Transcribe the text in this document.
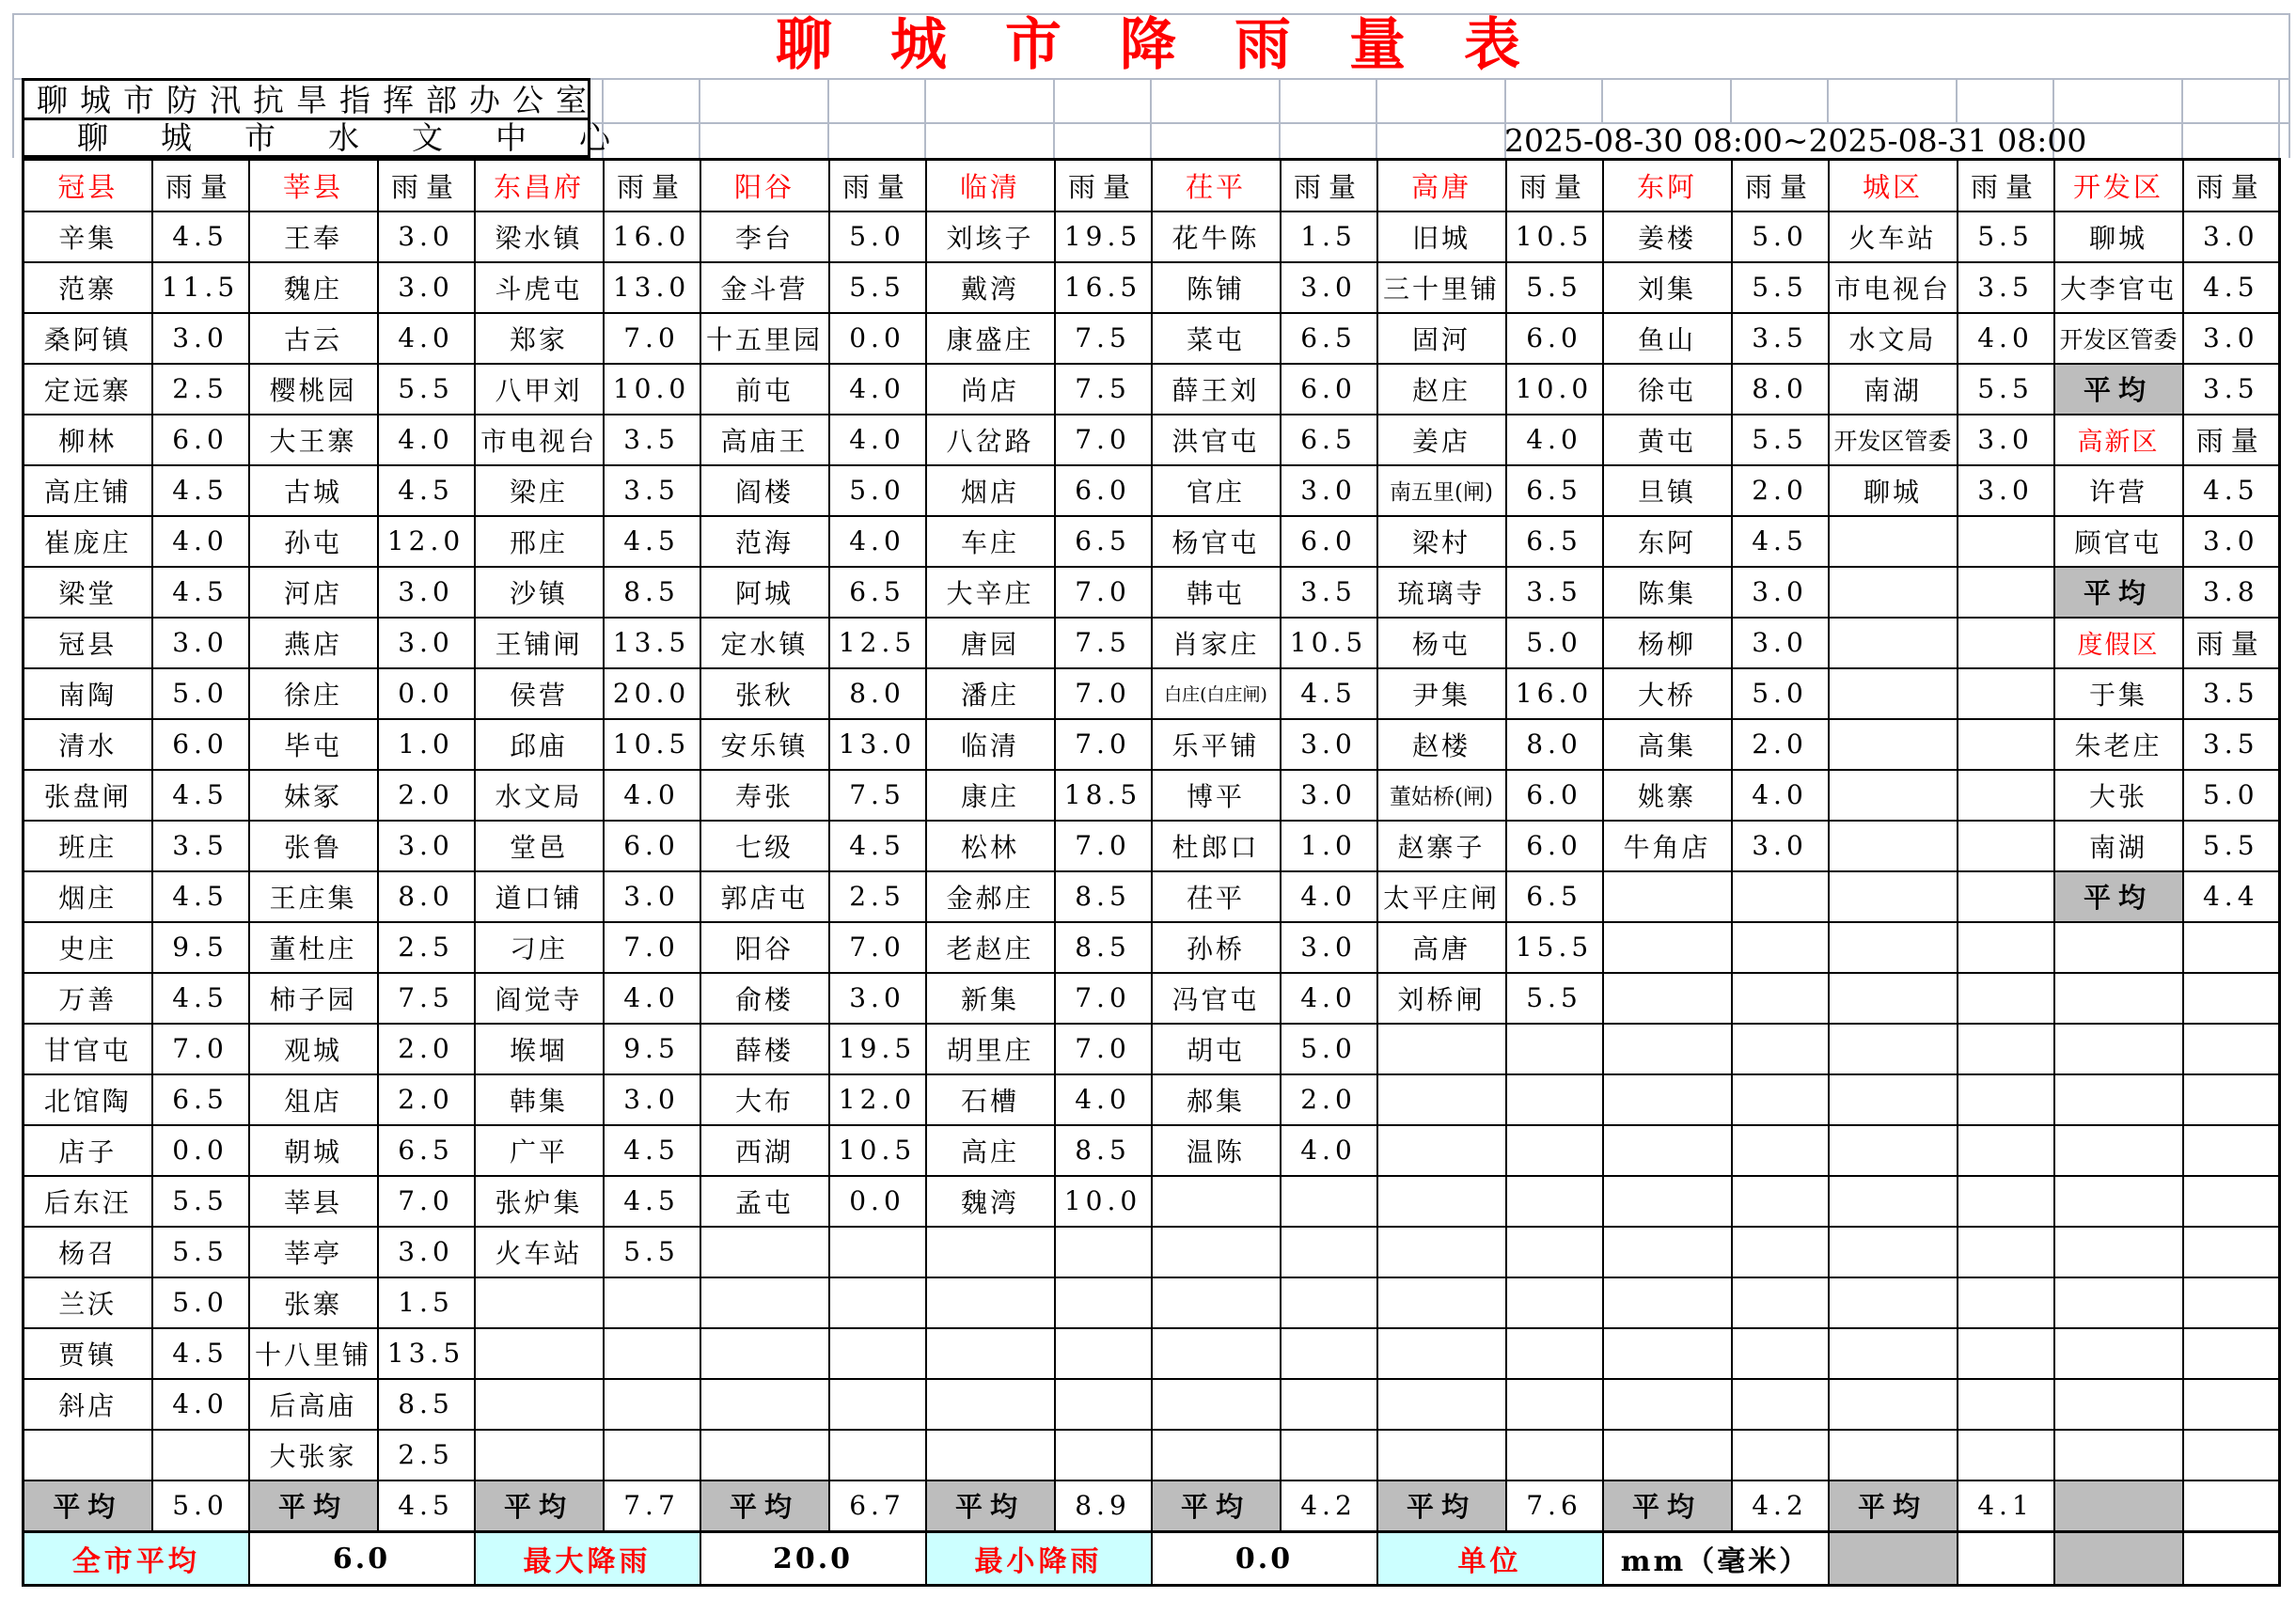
聊城市降雨量表
聊城市防汛抗旱指挥部办公室
聊城市水文中心	2025-08-30 08:00~2025-08-31 08:00
冠县	雨量	莘县	雨量	东昌府	雨量	阳谷	雨量	临清	雨量	茌平	雨量	高唐	雨量	东阿	雨量	城区	雨量	开发区	雨量
辛集	4.5	王奉	3.0	梁水镇	16.0	李台	5.0	刘垓子	19.5	花牛陈	1.5	旧城	10.5	姜楼	5.0	火车站	5.5	聊城	3.0
范寨	11.5	魏庄	3.0	斗虎屯	13.0	金斗营	5.5	戴湾	16.5	陈铺	3.0	三十里铺	5.5	刘集	5.5	市电视台	3.5	大李官屯	4.5
桑阿镇	3.0	古云	4.0	郑家	7.0	十五里园	0.0	康盛庄	7.5	菜屯	6.5	固河	6.0	鱼山	3.5	水文局	4.0	开发区管委	3.0
定远寨	2.5	樱桃园	5.5	八甲刘	10.0	前屯	4.0	尚店	7.5	薛王刘	6.0	赵庄	10.0	徐屯	8.0	南湖	5.5	平均	3.5
柳林	6.0	大王寨	4.0	市电视台	3.5	高庙王	4.0	八岔路	7.0	洪官屯	6.5	姜店	4.0	黄屯	5.5	开发区管委	3.0	高新区	雨量
高庄铺	4.5	古城	4.5	梁庄	3.5	阎楼	5.0	烟店	6.0	官庄	3.0	南五里(闸)	6.5	旦镇	2.0	聊城	3.0	许营	4.5
崔庞庄	4.0	孙屯	12.0	邢庄	4.5	范海	4.0	车庄	6.5	杨官屯	6.0	梁村	6.5	东阿	4.5			顾官屯	3.0
梁堂	4.5	河店	3.0	沙镇	8.5	阿城	6.5	大辛庄	7.0	韩屯	3.5	琉璃寺	3.5	陈集	3.0			平均	3.8
冠县	3.0	燕店	3.0	王铺闸	13.5	定水镇	12.5	唐园	7.5	肖家庄	10.5	杨屯	5.0	杨柳	3.0			度假区	雨量
南陶	5.0	徐庄	0.0	侯营	20.0	张秋	8.0	潘庄	7.0	白庄(白庄闸)	4.5	尹集	16.0	大桥	5.0			于集	3.5
清水	6.0	毕屯	1.0	邱庙	10.5	安乐镇	13.0	临清	7.0	乐平铺	3.0	赵楼	8.0	高集	2.0			朱老庄	3.5
张盘闸	4.5	妹冢	2.0	水文局	4.0	寿张	7.5	康庄	18.5	博平	3.0	董姑桥(闸)	6.0	姚寨	4.0			大张	5.0
班庄	3.5	张鲁	3.0	堂邑	6.0	七级	4.5	松林	7.0	杜郎口	1.0	赵寨子	6.0	牛角店	3.0			南湖	5.5
烟庄	4.5	王庄集	8.0	道口铺	3.0	郭店屯	2.5	金郝庄	8.5	茌平	4.0	太平庄闸	6.5					平均	4.4
史庄	9.5	董杜庄	2.5	刁庄	7.0	阳谷	7.0	老赵庄	8.5	孙桥	3.0	高唐	15.5						
万善	4.5	柿子园	7.5	阎觉寺	4.0	俞楼	3.0	新集	7.0	冯官屯	4.0	刘桥闸	5.5						
甘官屯	7.0	观城	2.0	堠堌	9.5	薛楼	19.5	胡里庄	7.0	胡屯	5.0								
北馆陶	6.5	俎店	2.0	韩集	3.0	大布	12.0	石槽	4.0	郝集	2.0								
店子	0.0	朝城	6.5	广平	4.5	西湖	10.5	高庄	8.5	温陈	4.0								
后东汪	5.5	莘县	7.0	张炉集	4.5	孟屯	0.0	魏湾	10.0										
杨召	5.5	莘亭	3.0	火车站	5.5														
兰沃	5.0	张寨	1.5																
贾镇	4.5	十八里铺	13.5																
斜店	4.0	后高庙	8.5																
		大张家	2.5																
平均	5.0	平均	4.5	平均	7.7	平均	6.7	平均	8.9	平均	4.2	平均	7.6	平均	4.2	平均	4.1		
全市平均		6.0		最大降雨		20.0		最小降雨		0.0		单位		mm（毫米）					
